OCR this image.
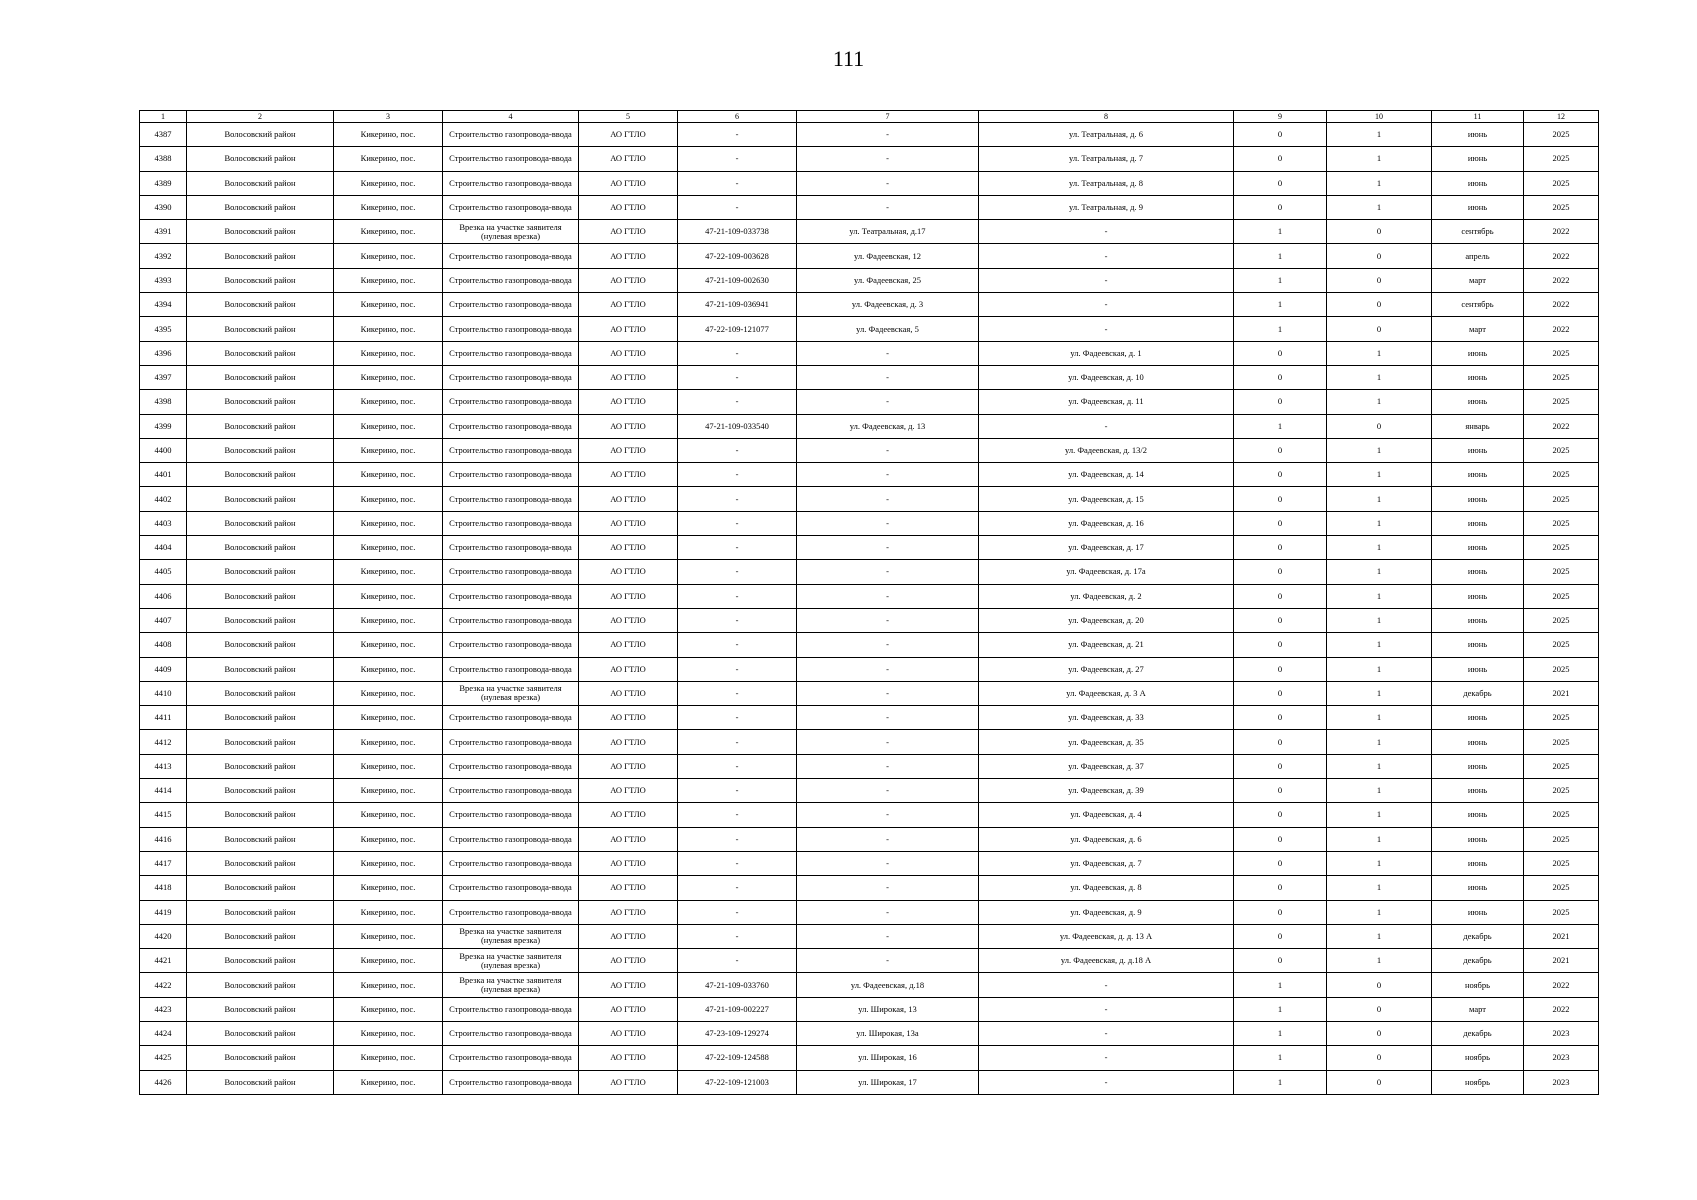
111
1	2	3	4	5	6	7	8	9	10	11	12
4387	Волосовский район	Кикерино, пос.	Строительство газопровода-ввода	АО ГТЛО	-	-	ул. Театральная, д. 6	0	1	июнь	2025
4388	Волосовский район	Кикерино, пос.	Строительство газопровода-ввода	АО ГТЛО	-	-	ул. Театральная, д. 7	0	1	июнь	2025
4389	Волосовский район	Кикерино, пос.	Строительство газопровода-ввода	АО ГТЛО	-	-	ул. Театральная, д. 8	0	1	июнь	2025
4390	Волосовский район	Кикерино, пос.	Строительство газопровода-ввода	АО ГТЛО	-	-	ул. Театральная, д. 9	0	1	июнь	2025
4391	Волосовский район	Кикерино, пос.	Врезка на участке заявителя (нулевая врезка)	АО ГТЛО	47-21-109-033738	ул. Театральная, д.17	-	1	0	сентябрь	2022
4392	Волосовский район	Кикерино, пос.	Строительство газопровода-ввода	АО ГТЛО	47-22-109-003628	ул. Фадеевская, 12	-	1	0	апрель	2022
4393	Волосовский район	Кикерино, пос.	Строительство газопровода-ввода	АО ГТЛО	47-21-109-002630	ул. Фадеевская, 25	-	1	0	март	2022
4394	Волосовский район	Кикерино, пос.	Строительство газопровода-ввода	АО ГТЛО	47-21-109-036941	ул. Фадеевская, д. 3	-	1	0	сентябрь	2022
4395	Волосовский район	Кикерино, пос.	Строительство газопровода-ввода	АО ГТЛО	47-22-109-121077	ул. Фадеевская, 5	-	1	0	март	2022
4396	Волосовский район	Кикерино, пос.	Строительство газопровода-ввода	АО ГТЛО	-	-	ул. Фадеевская, д. 1	0	1	июнь	2025
4397	Волосовский район	Кикерино, пос.	Строительство газопровода-ввода	АО ГТЛО	-	-	ул. Фадеевская, д. 10	0	1	июнь	2025
4398	Волосовский район	Кикерино, пос.	Строительство газопровода-ввода	АО ГТЛО	-	-	ул. Фадеевская, д. 11	0	1	июнь	2025
4399	Волосовский район	Кикерино, пос.	Строительство газопровода-ввода	АО ГТЛО	47-21-109-033540	ул. Фадеевская, д. 13	-	1	0	январь	2022
4400	Волосовский район	Кикерино, пос.	Строительство газопровода-ввода	АО ГТЛО	-	-	ул. Фадеевская, д. 13/2	0	1	июнь	2025
4401	Волосовский район	Кикерино, пос.	Строительство газопровода-ввода	АО ГТЛО	-	-	ул. Фадеевская, д. 14	0	1	июнь	2025
4402	Волосовский район	Кикерино, пос.	Строительство газопровода-ввода	АО ГТЛО	-	-	ул. Фадеевская, д. 15	0	1	июнь	2025
4403	Волосовский район	Кикерино, пос.	Строительство газопровода-ввода	АО ГТЛО	-	-	ул. Фадеевская, д. 16	0	1	июнь	2025
4404	Волосовский район	Кикерино, пос.	Строительство газопровода-ввода	АО ГТЛО	-	-	ул. Фадеевская, д. 17	0	1	июнь	2025
4405	Волосовский район	Кикерино, пос.	Строительство газопровода-ввода	АО ГТЛО	-	-	ул. Фадеевская, д. 17а	0	1	июнь	2025
4406	Волосовский район	Кикерино, пос.	Строительство газопровода-ввода	АО ГТЛО	-	-	ул. Фадеевская, д. 2	0	1	июнь	2025
4407	Волосовский район	Кикерино, пос.	Строительство газопровода-ввода	АО ГТЛО	-	-	ул. Фадеевская, д. 20	0	1	июнь	2025
4408	Волосовский район	Кикерино, пос.	Строительство газопровода-ввода	АО ГТЛО	-	-	ул. Фадеевская, д. 21	0	1	июнь	2025
4409	Волосовский район	Кикерино, пос.	Строительство газопровода-ввода	АО ГТЛО	-	-	ул. Фадеевская, д. 27	0	1	июнь	2025
4410	Волосовский район	Кикерино, пос.	Врезка на участке заявителя (нулевая врезка)	АО ГТЛО	-	-	ул. Фадеевская, д. 3 А	0	1	декабрь	2021
4411	Волосовский район	Кикерино, пос.	Строительство газопровода-ввода	АО ГТЛО	-	-	ул. Фадеевская, д. 33	0	1	июнь	2025
4412	Волосовский район	Кикерино, пос.	Строительство газопровода-ввода	АО ГТЛО	-	-	ул. Фадеевская, д. 35	0	1	июнь	2025
4413	Волосовский район	Кикерино, пос.	Строительство газопровода-ввода	АО ГТЛО	-	-	ул. Фадеевская, д. 37	0	1	июнь	2025
4414	Волосовский район	Кикерино, пос.	Строительство газопровода-ввода	АО ГТЛО	-	-	ул. Фадеевская, д. 39	0	1	июнь	2025
4415	Волосовский район	Кикерино, пос.	Строительство газопровода-ввода	АО ГТЛО	-	-	ул. Фадеевская, д. 4	0	1	июнь	2025
4416	Волосовский район	Кикерино, пос.	Строительство газопровода-ввода	АО ГТЛО	-	-	ул. Фадеевская, д. 6	0	1	июнь	2025
4417	Волосовский район	Кикерино, пос.	Строительство газопровода-ввода	АО ГТЛО	-	-	ул. Фадеевская, д. 7	0	1	июнь	2025
4418	Волосовский район	Кикерино, пос.	Строительство газопровода-ввода	АО ГТЛО	-	-	ул. Фадеевская, д. 8	0	1	июнь	2025
4419	Волосовский район	Кикерино, пос.	Строительство газопровода-ввода	АО ГТЛО	-	-	ул. Фадеевская, д. 9	0	1	июнь	2025
4420	Волосовский район	Кикерино, пос.	Врезка на участке заявителя (нулевая врезка)	АО ГТЛО	-	-	ул. Фадеевская, д. д. 13 А	0	1	декабрь	2021
4421	Волосовский район	Кикерино, пос.	Врезка на участке заявителя (нулевая врезка)	АО ГТЛО	-	-	ул. Фадеевская, д. д.18 А	0	1	декабрь	2021
4422	Волосовский район	Кикерино, пос.	Врезка на участке заявителя (нулевая врезка)	АО ГТЛО	47-21-109-033760	ул. Фадеевская, д.18	-	1	0	ноябрь	2022
4423	Волосовский район	Кикерино, пос.	Строительство газопровода-ввода	АО ГТЛО	47-21-109-002227	ул. Широкая, 13	-	1	0	март	2022
4424	Волосовский район	Кикерино, пос.	Строительство газопровода-ввода	АО ГТЛО	47-23-109-129274	ул. Широкая, 13а	-	1	0	декабрь	2023
4425	Волосовский район	Кикерино, пос.	Строительство газопровода-ввода	АО ГТЛО	47-22-109-124588	ул. Широкая, 16	-	1	0	ноябрь	2023
4426	Волосовский район	Кикерино, пос.	Строительство газопровода-ввода	АО ГТЛО	47-22-109-121003	ул. Широкая, 17	-	1	0	ноябрь	2023
